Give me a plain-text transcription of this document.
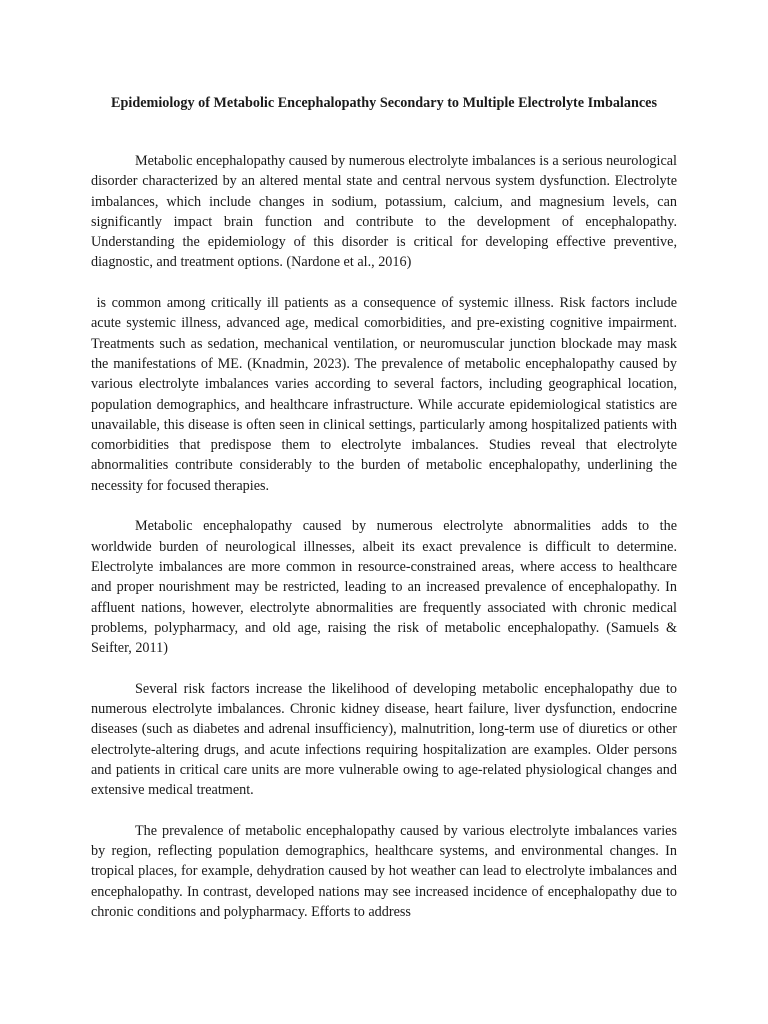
Epidemiology of Metabolic Encephalopathy Secondary to Multiple Electrolyte Imbalances

Metabolic encephalopathy caused by numerous electrolyte imbalances is a serious neurological disorder characterized by an altered mental state and central nervous system dysfunction. Electrolyte imbalances, which include changes in sodium, potassium, calcium, and magnesium levels, can significantly impact brain function and contribute to the development of encephalopathy. Understanding the epidemiology of this disorder is critical for developing effective preventive, diagnostic, and treatment options. (Nardone et al., 2016)

is common among critically ill patients as a consequence of systemic illness. Risk factors include acute systemic illness, advanced age, medical comorbidities, and pre-existing cognitive impairment. Treatments such as sedation, mechanical ventilation, or neuromuscular junction blockade may mask the manifestations of ME. (Knadmin, 2023). The prevalence of metabolic encephalopathy caused by various electrolyte imbalances varies according to several factors, including geographical location, population demographics, and healthcare infrastructure. While accurate epidemiological statistics are unavailable, this disease is often seen in clinical settings, particularly among hospitalized patients with comorbidities that predispose them to electrolyte imbalances. Studies reveal that electrolyte abnormalities contribute considerably to the burden of metabolic encephalopathy, underlining the necessity for focused therapies.

Metabolic encephalopathy caused by numerous electrolyte abnormalities adds to the worldwide burden of neurological illnesses, albeit its exact prevalence is difficult to determine. Electrolyte imbalances are more common in resource-constrained areas, where access to healthcare and proper nourishment may be restricted, leading to an increased prevalence of encephalopathy. In affluent nations, however, electrolyte abnormalities are frequently associated with chronic medical problems, polypharmacy, and old age, raising the risk of metabolic encephalopathy. (Samuels & Seifter, 2011)

Several risk factors increase the likelihood of developing metabolic encephalopathy due to numerous electrolyte imbalances. Chronic kidney disease, heart failure, liver dysfunction, endocrine diseases (such as diabetes and adrenal insufficiency), malnutrition, long-term use of diuretics or other electrolyte-altering drugs, and acute infections requiring hospitalization are examples. Older persons and patients in critical care units are more vulnerable owing to age-related physiological changes and extensive medical treatment.

The prevalence of metabolic encephalopathy caused by various electrolyte imbalances varies by region, reflecting population demographics, healthcare systems, and environmental changes. In tropical places, for example, dehydration caused by hot weather can lead to electrolyte imbalances and encephalopathy. In contrast, developed nations may see increased incidence of encephalopathy due to chronic conditions and polypharmacy. Efforts to address
